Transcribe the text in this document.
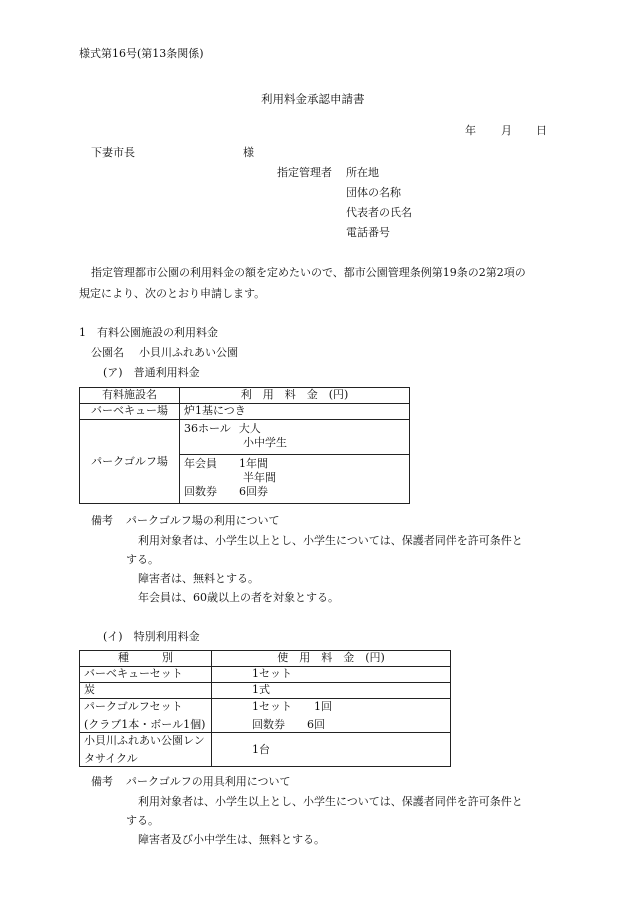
様式第16号(第13条関係)
利用料金承認申請書
年 月 日
下妻市長	様
指定管理者 所在地
団体の名称
代表者の氏名
電話番号
指定管理都市公園の利用料金の額を定めたいので、都市公園管理条例第19条の2第2項の
規定により、次のとおり申請します。
1　有料公園施設の利用料金
公園名 小貝川ふれあい公園
(ア)　普通利用料金
有料施設名	利　用　料　金　(円)
バーベキュー場	炉1基につき
パークゴルフ場	36ホール 大人
小中学生
	年会員 1年間
半年間
回数券 6回券
備考 パークゴルフ場の利用について
利用対象者は、小学生以上とし、小学生については、保護者同伴を許可条件と
する。
障害者は、無料とする。
年会員は、60歳以上の者を対象とする。
(イ)　特別利用料金
種　　　別	使　用　料　金　(円)
バーベキューセット	1セット
炭	1式

パークゴルフセット
(クラブ1本・ボール1個)	1セット　　1回
回数券　　6回

小貝川ふれあい公園レン
タサイクル	1台
備考 パークゴルフの用具利用について
利用対象者は、小学生以上とし、小学生については、保護者同伴を許可条件と
する。
障害者及び小中学生は、無料とする。
